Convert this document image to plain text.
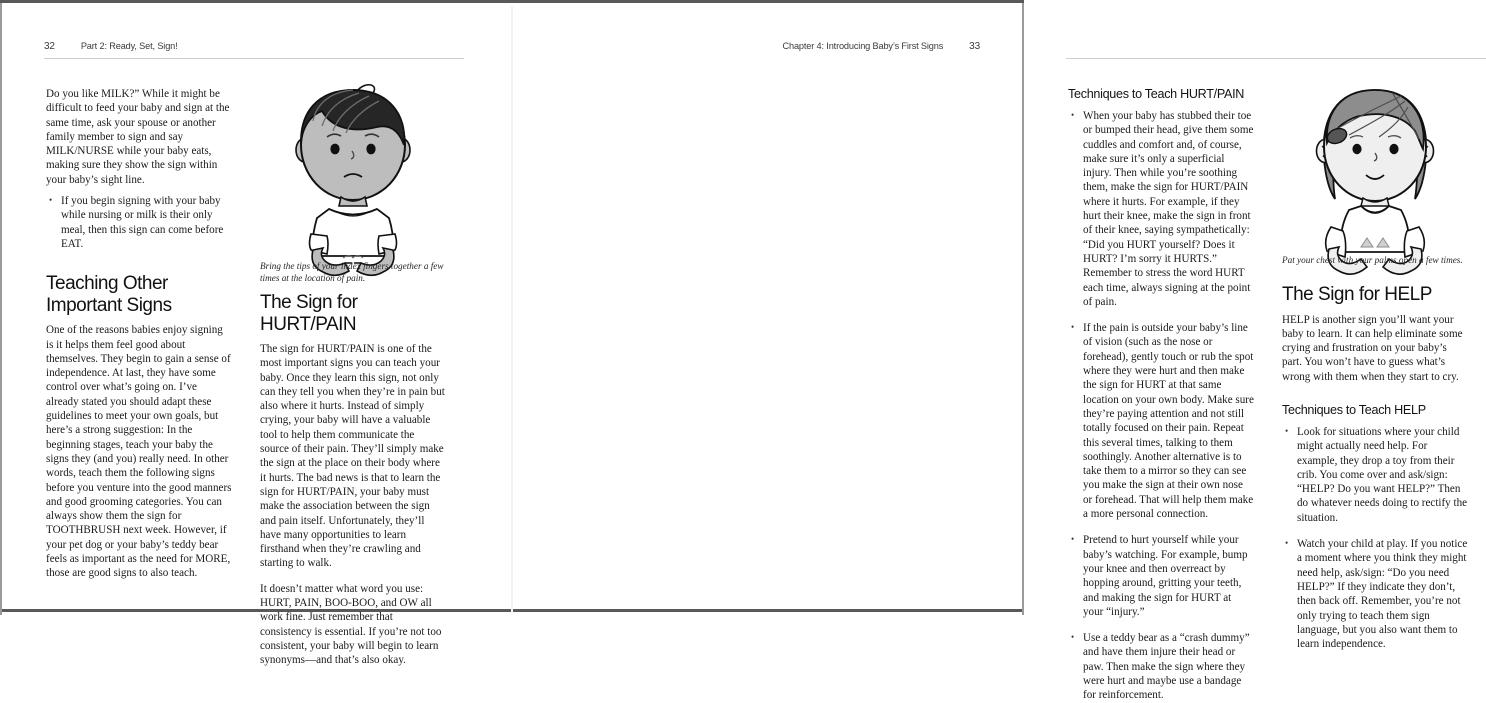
32	Part 2: Ready, Set, Sign!

Do you like MILK?” While it might be difficult to feed your baby and sign at the same time, ask your spouse or another family member to sign and say MILK/NURSE while your baby eats, making sure they show the sign within your baby’s sight line.

• If you begin signing with your baby while nursing or milk is their only meal, then this sign can come before EAT.
Teaching Other Important Signs

One of the reasons babies enjoy signing is it helps them feel good about themselves. They begin to gain a sense of independence. At last, they have some control over what’s going on. I’ve already stated you should adapt these guidelines to meet your own goals, but here’s a strong suggestion: In the beginning stages, teach your baby the signs they (and you) really need. In other words, teach them the following signs before you venture into the good manners and good grooming categories. You can always show them the sign for TOOTHBRUSH next week. However, if your pet dog or your baby’s teddy bear feels as important as the need for MORE, those are good signs to also teach.

Bring the tips of your index fingers together a few times at the location of pain.

The Sign for HURT/PAIN

The sign for HURT/PAIN is one of the most important signs you can teach your baby. Once they learn this sign, not only can they tell you when they’re in pain but also where it hurts. Instead of simply crying, your baby will have a valuable tool to help them communicate the source of their pain. They’ll simply make the sign at the place on their body where it hurts. The bad news is that to learn the sign for HURT/PAIN, your baby must make the association between the sign and pain itself. Unfortunately, they’ll have many opportunities to learn firsthand when they’re crawling and starting to walk.

It doesn’t matter what word you use: HURT, PAIN, BOO-BOO, and OW all work fine. Just remember that consistency is essential. If you’re not too consistent, your baby will begin to learn synonyms—and that’s also okay.

Chapter 4: Introducing Baby’s First Signs	33
Techniques to Teach HURT/PAIN
• When your baby has stubbed their toe or bumped their head, give them some cuddles and comfort and, of course, make sure it’s only a superficial injury. Then while you’re soothing them, make the sign for HURT/PAIN where it hurts. For example, if they hurt their knee, make the sign in front of their knee, saying sympathetically: “Did you HURT yourself? Does it HURT? I’m sorry it HURTS.” Remember to stress the word HURT each time, always signing at the point of pain.
• If the pain is outside your baby’s line of vision (such as the nose or forehead), gently touch or rub the spot where they were hurt and then make the sign for HURT at that same location on your own body. Make sure they’re paying attention and not still totally focused on their pain. Repeat this several times, talking to them soothingly. Another alternative is to take them to a mirror so they can see you make the sign at their own nose or forehead. That will help them make a more personal connection.
• Pretend to hurt yourself while your baby’s watching. For example, bump your knee and then overreact by hopping around, gritting your teeth, and making the sign for HURT at your “injury.”
• Use a teddy bear as a “crash dummy” and have them injure their head or paw. Then make the sign where they were hurt and maybe use a bandage for reinforcement.

Pat your chest with your palms open a few times.

The Sign for HELP

HELP is another sign you’ll want your baby to learn. It can help eliminate some crying and frustration on your baby’s part. You won’t have to guess what’s wrong with them when they start to cry.

Techniques to Teach HELP
• Look for situations where your child might actually need help. For example, they drop a toy from their crib. You come over and ask/sign: “HELP? Do you want HELP?” Then do whatever needs doing to rectify the situation.
• Watch your child at play. If you notice a moment where you think they might need help, ask/sign: “Do you need HELP?” If they indicate they don’t, then back off. Remember, you’re not only trying to teach them sign language, but you also want them to learn independence.
